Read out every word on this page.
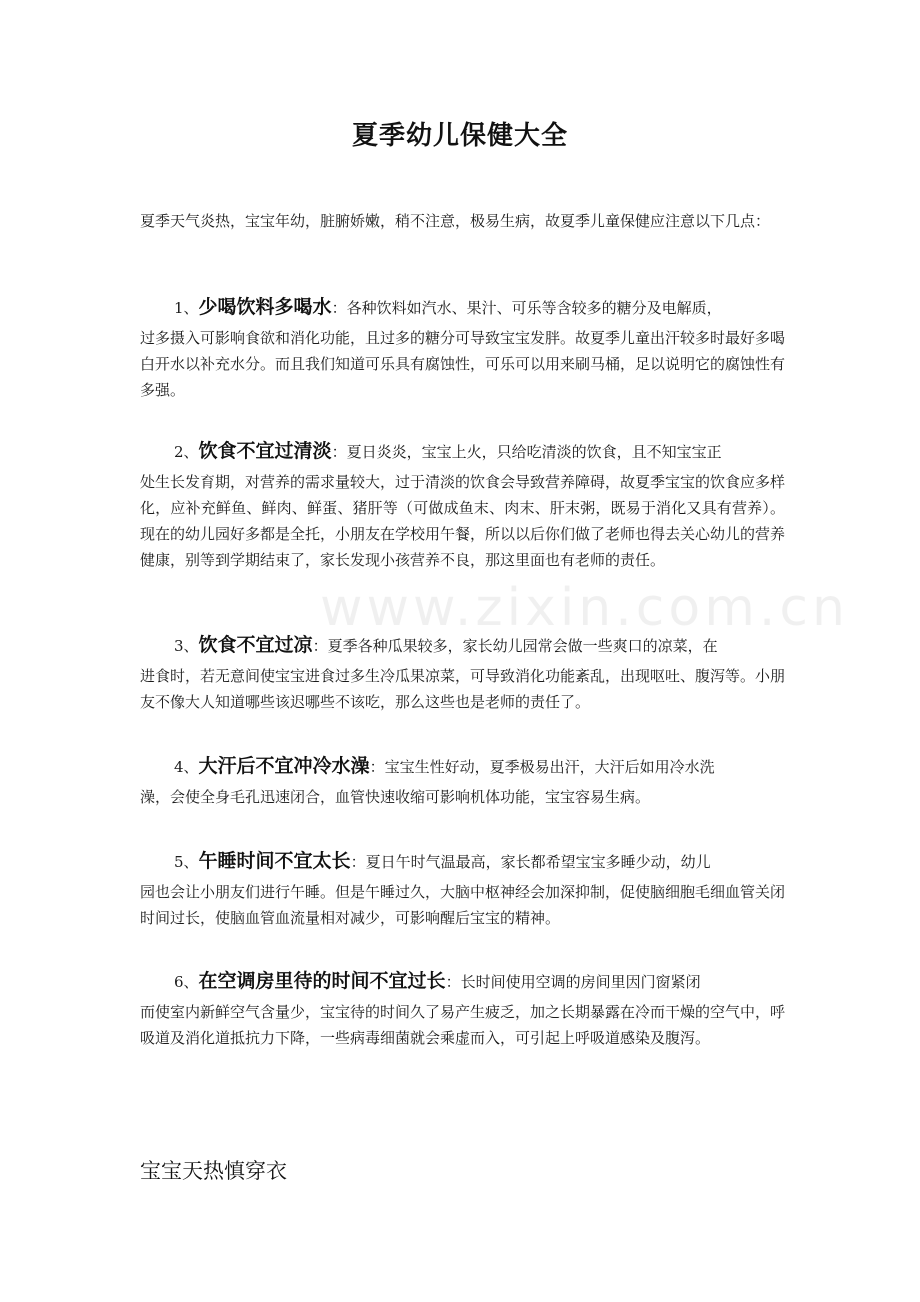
www.zixin.com.cn
夏季幼儿保健大全
夏季天气炎热，宝宝年幼，脏腑娇嫩，稍不注意，极易生病，故夏季儿童保健应注意以下几点：
1、少喝饮料多喝水：各种饮料如汽水、果汁、可乐等含较多的糖分及电解质，
过多摄入可影响食欲和消化功能，且过多的糖分可导致宝宝发胖。故夏季儿童出汗较多时最好多喝白开水以补充水分。而且我们知道可乐具有腐蚀性，可乐可以用来刷马桶，足以说明它的腐蚀性有多强。
2、饮食不宜过清淡：夏日炎炎，宝宝上火，只给吃清淡的饮食，且不知宝宝正
处生长发育期，对营养的需求量较大，过于清淡的饮食会导致营养障碍，故夏季宝宝的饮食应多样化，应补充鲜鱼、鲜肉、鲜蛋、猪肝等（可做成鱼末、肉末、肝末粥，既易于消化又具有营养）。现在的幼儿园好多都是全托，小朋友在学校用午餐，所以以后你们做了老师也得去关心幼儿的营养健康，别等到学期结束了，家长发现小孩营养不良，那这里面也有老师的责任。
3、饮食不宜过凉：夏季各种瓜果较多，家长幼儿园常会做一些爽口的凉菜，在
进食时，若无意间使宝宝进食过多生冷瓜果凉菜，可导致消化功能紊乱，出现呕吐、腹泻等。小朋友不像大人知道哪些该迟哪些不该吃，那么这些也是老师的责任了。
4、大汗后不宜冲冷水澡：宝宝生性好动，夏季极易出汗，大汗后如用冷水洗
澡，会使全身毛孔迅速闭合，血管快速收缩可影响机体功能，宝宝容易生病。
5、午睡时间不宜太长：夏日午时气温最高，家长都希望宝宝多睡少动，幼儿
园也会让小朋友们进行午睡。但是午睡过久，大脑中枢神经会加深抑制，促使脑细胞毛细血管关闭时间过长，使脑血管血流量相对减少，可影响醒后宝宝的精神。
6、在空调房里待的时间不宜过长：长时间使用空调的房间里因门窗紧闭
而使室内新鲜空气含量少，宝宝待的时间久了易产生疲乏，加之长期暴露在冷而干燥的空气中，呼吸道及消化道抵抗力下降，一些病毒细菌就会乘虚而入，可引起上呼吸道感染及腹泻。
宝宝天热慎穿衣
